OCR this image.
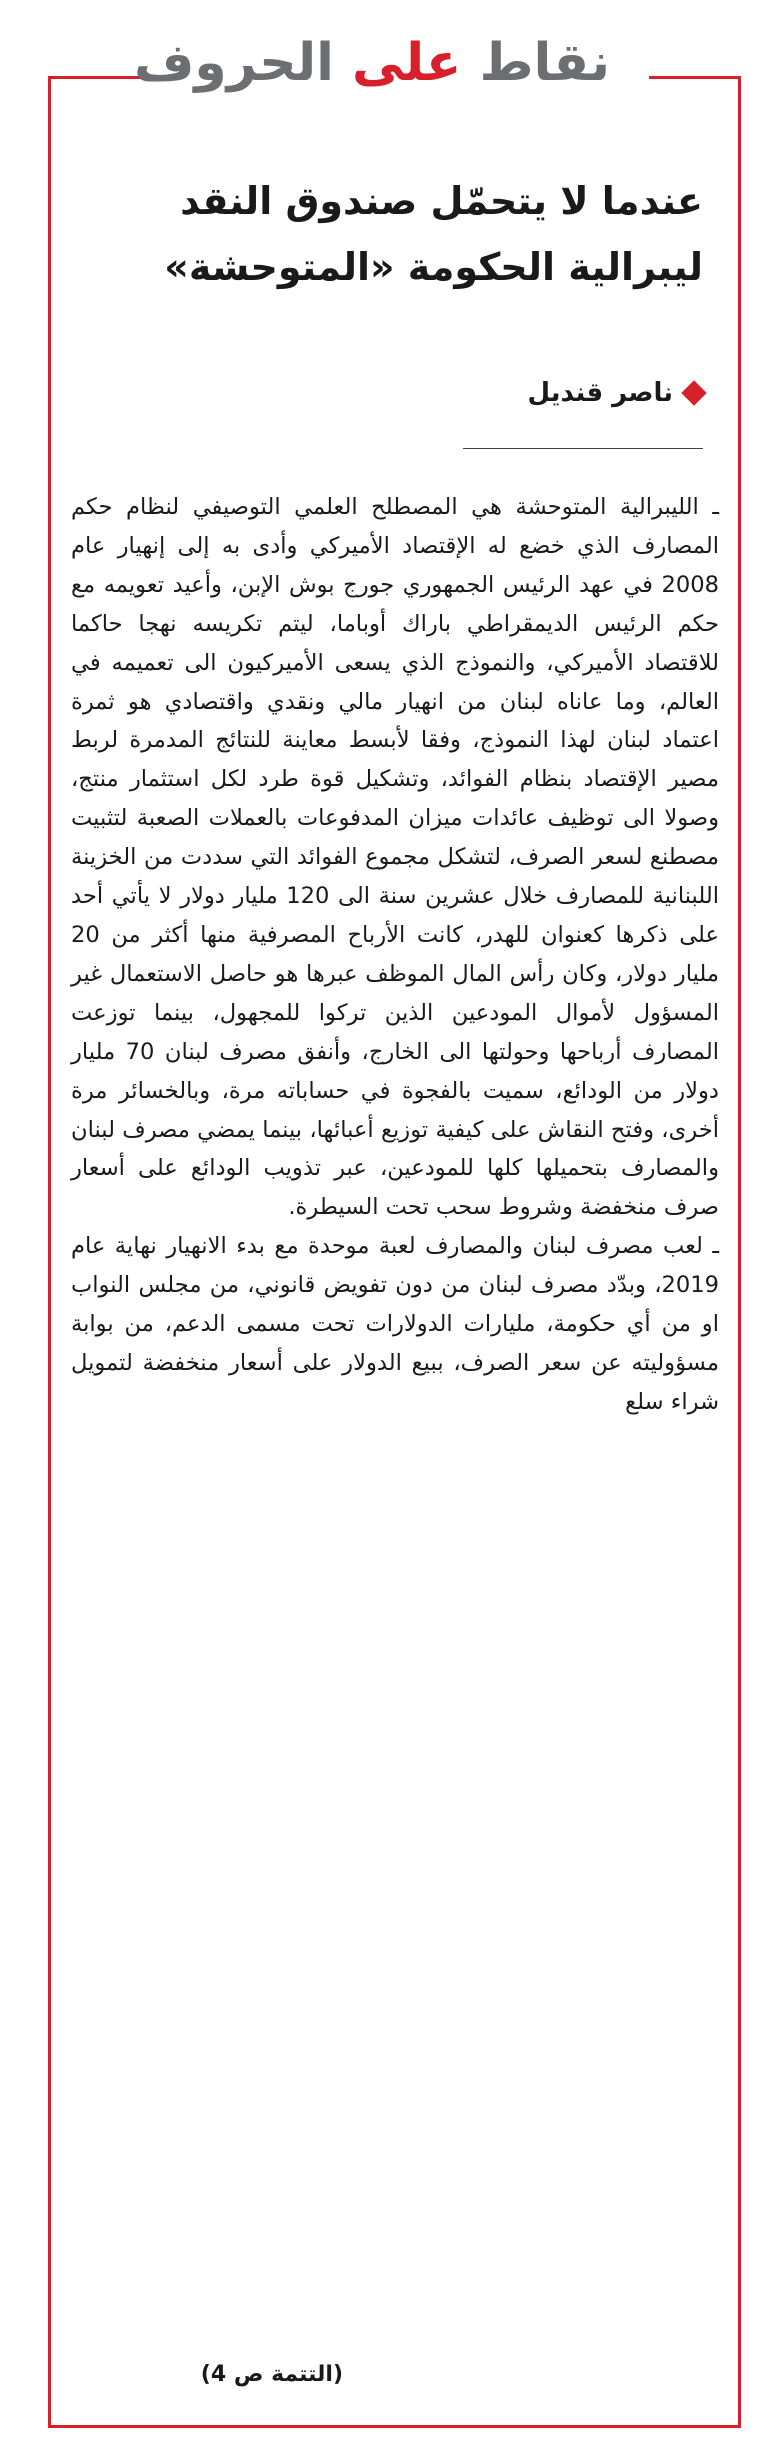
نقاط على الحروف
عندما لا يتحمّل صندوق النقد
ليبرالية الحكومة «المتوحشة»
ناصر قنديل

ـ الليبرالية المتوحشة هي المصطلح العلمي التوصيفي لنظام حكم المصارف الذي خضع له الإقتصاد الأميركي وأدى به إلى إنهيار عام 2008 في عهد الرئيس الجمهوري جورج بوش الإبن، وأعيد تعويمه مع حكم الرئيس الديمقراطي باراك أوباما، ليتم تكريسه نهجا حاكما للاقتصاد الأميركي، والنموذج الذي يسعى الأميركيون الى تعميمه في العالم، وما عاناه لبنان من انهيار مالي ونقدي واقتصادي هو ثمرة اعتماد لبنان لهذا النموذج، وفقا لأبسط معاينة للنتائج المدمرة لربط مصير الإقتصاد بنظام الفوائد، وتشكيل قوة طرد لكل استثمار منتج، وصولا الى توظيف عائدات ميزان المدفوعات بالعملات الصعبة لتثبيت مصطنع لسعر الصرف، لتشكل مجموع الفوائد التي سددت من الخزينة اللبنانية للمصارف خلال عشرين سنة الى 120 مليار دولار لا يأتي أحد على ذكرها كعنوان للهدر، كانت الأرباح المصرفية منها أكثر من 20 مليار دولار، وكان رأس المال الموظف عبرها هو حاصل الاستعمال غير المسؤول لأموال المودعين الذين تركوا للمجهول، بينما توزعت المصارف أرباحها وحولتها الى الخارج، وأنفق مصرف لبنان 70 مليار دولار من الودائع، سميت بالفجوة في حساباته مرة، وبالخسائر مرة أخرى، وفتح النقاش على كيفية توزيع أعبائها، بينما يمضي مصرف لبنان والمصارف بتحميلها كلها للمودعين، عبر تذويب الودائع على أسعار صرف منخفضة وشروط سحب تحت السيطرة.

ـ لعب مصرف لبنان والمصارف لعبة موحدة مع بدء الانهيار نهاية عام 2019، وبدّد مصرف لبنان من دون تفويض قانوني، من مجلس النواب او من أي حكومة، مليارات الدولارات تحت مسمى الدعم، من بوابة مسؤوليته عن سعر الصرف، ببيع الدولار على أسعار منخفضة لتمويل شراء سلع

(التتمة ص 4)
